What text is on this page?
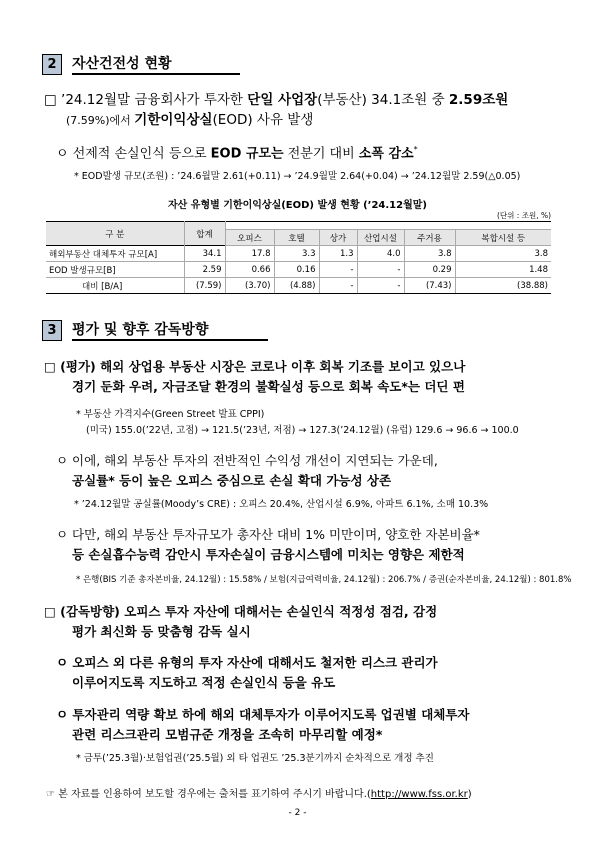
2	자산건전성 현황
□ ’24.12월말 금융회사가 투자한 단일 사업장(부동산) 34.1조원 중 2.59조원
(7.59%)에서 기한이익상실(EOD) 사유 발생
ㅇ 선제적 손실인식 등으로 EOD 규모는 전분기 대비 소폭 감소*
* EOD발생 규모(조원) : ’24.6월말 2.61(+0.11) → ’24.9월말 2.64(+0.04) → ’24.12월말 2.59(△0.05)
자산 유형별 기한이익상실(EOD) 발생 현황 (’24.12월말)
(단위 : 조원, %)
구 분	합계						
		오피스	호텔	상가	산업시설	주거용	복합시설 등
해외부동산 대체투자 규모[A]	34.1	17.8	3.3	1.3	4.0	3.8	3.8
EOD 발생규모[B]	2.59	0.66	0.16	-	-	0.29	1.48
대비 [B/A]	(7.59)	(3.70)	(4.88)	-	-	(7.43)	(38.88)
3	평가 및 향후 감독방향
□ (평가) 해외 상업용 부동산 시장은 코로나 이후 회복 기조를 보이고 있으나
경기 둔화 우려, 자금조달 환경의 불확실성 등으로 회복 속도*는 더딘 편
* 부동산 가격지수(Green Street 발표 CPPI)
(미국) 155.0(’22년, 고점) → 121.5(’23년, 저점) → 127.3(’24.12월) (유럽) 129.6 → 96.6 → 100.0
ㅇ 이에, 해외 부동산 투자의 전반적인 수익성 개선이 지연되는 가운데,
공실률* 등이 높은 오피스 중심으로 손실 확대 가능성 상존
* ’24.12월말 공실률(Moody’s CRE) : 오피스 20.4%, 산업시설 6.9%, 아파트 6.1%, 소매 10.3%
ㅇ 다만, 해외 부동산 투자규모가 총자산 대비 1% 미만이며, 양호한 자본비율*
등 손실흡수능력 감안시 투자손실이 금융시스템에 미치는 영향은 제한적
* 은행(BIS 기준 총자본비율, 24.12월) : 15.58% / 보험(지급여력비율, 24.12월) : 206.7% / 증권(순자본비율, 24.12월) : 801.8%
□ (감독방향) 오피스 투자 자산에 대해서는 손실인식 적정성 점검, 감정
평가 최신화 등 맞춤형 감독 실시
ㅇ 오피스 외 다른 유형의 투자 자산에 대해서도 철저한 리스크 관리가
이루어지도록 지도하고 적정 손실인식 등을 유도
ㅇ 투자관리 역량 확보 하에 해외 대체투자가 이루어지도록 업권별 대체투자
관련 리스크관리 모범규준 개정을 조속히 마무리할 예정*
* 금투(’25.3월)·보험업권(’25.5월) 외 타 업권도 ’25.3분기까지 순차적으로 개정 추진
☞ 본 자료를 인용하여 보도할 경우에는 출처를 표기하여 주시기 바랍니다.(http://www.fss.or.kr)
- 2 -
